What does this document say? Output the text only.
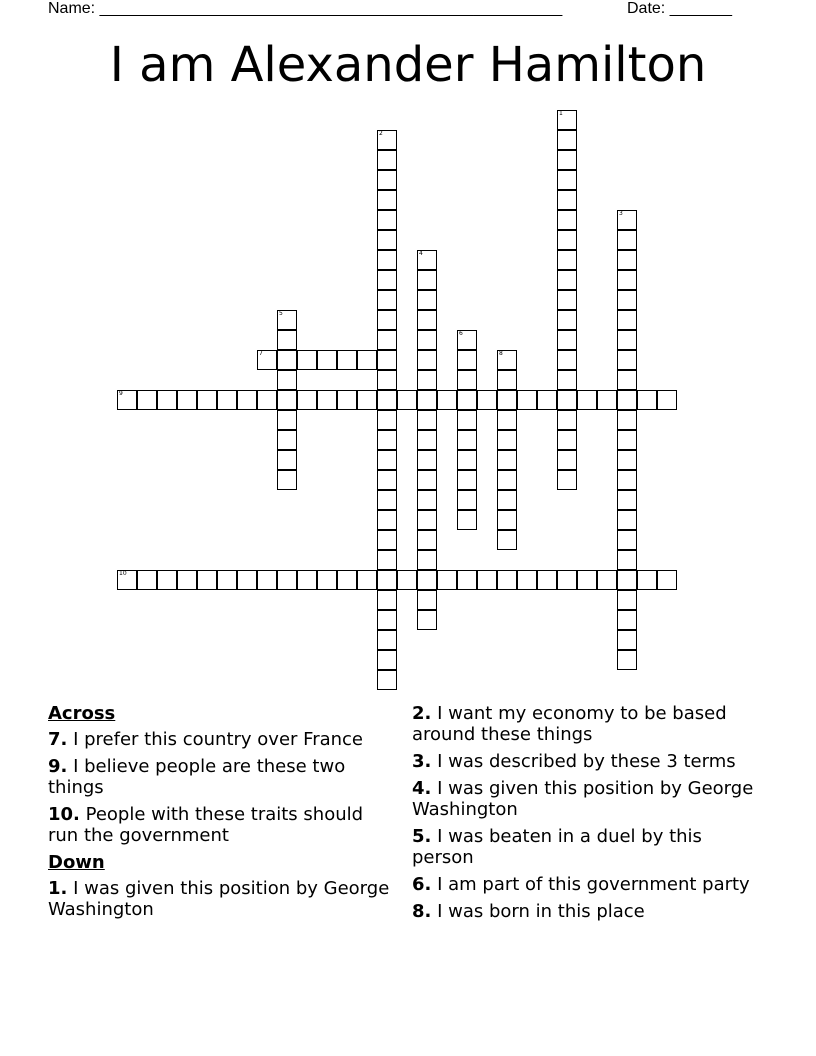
Name: ____________________________________________________	Date: _______
I am Alexander Hamilton
7
9
10
1
2
3
4
5
6
8
Across
7. I prefer this country over France
9. I believe people are these two things
10. People with these traits should run the government
Down
1. I was given this position by George Washington
2. I want my economy to be based around these things
3. I was described by these 3 terms
4. I was given this position by George Washington
5. I was beaten in a duel by this person
6. I am part of this government party
8. I was born in this place
